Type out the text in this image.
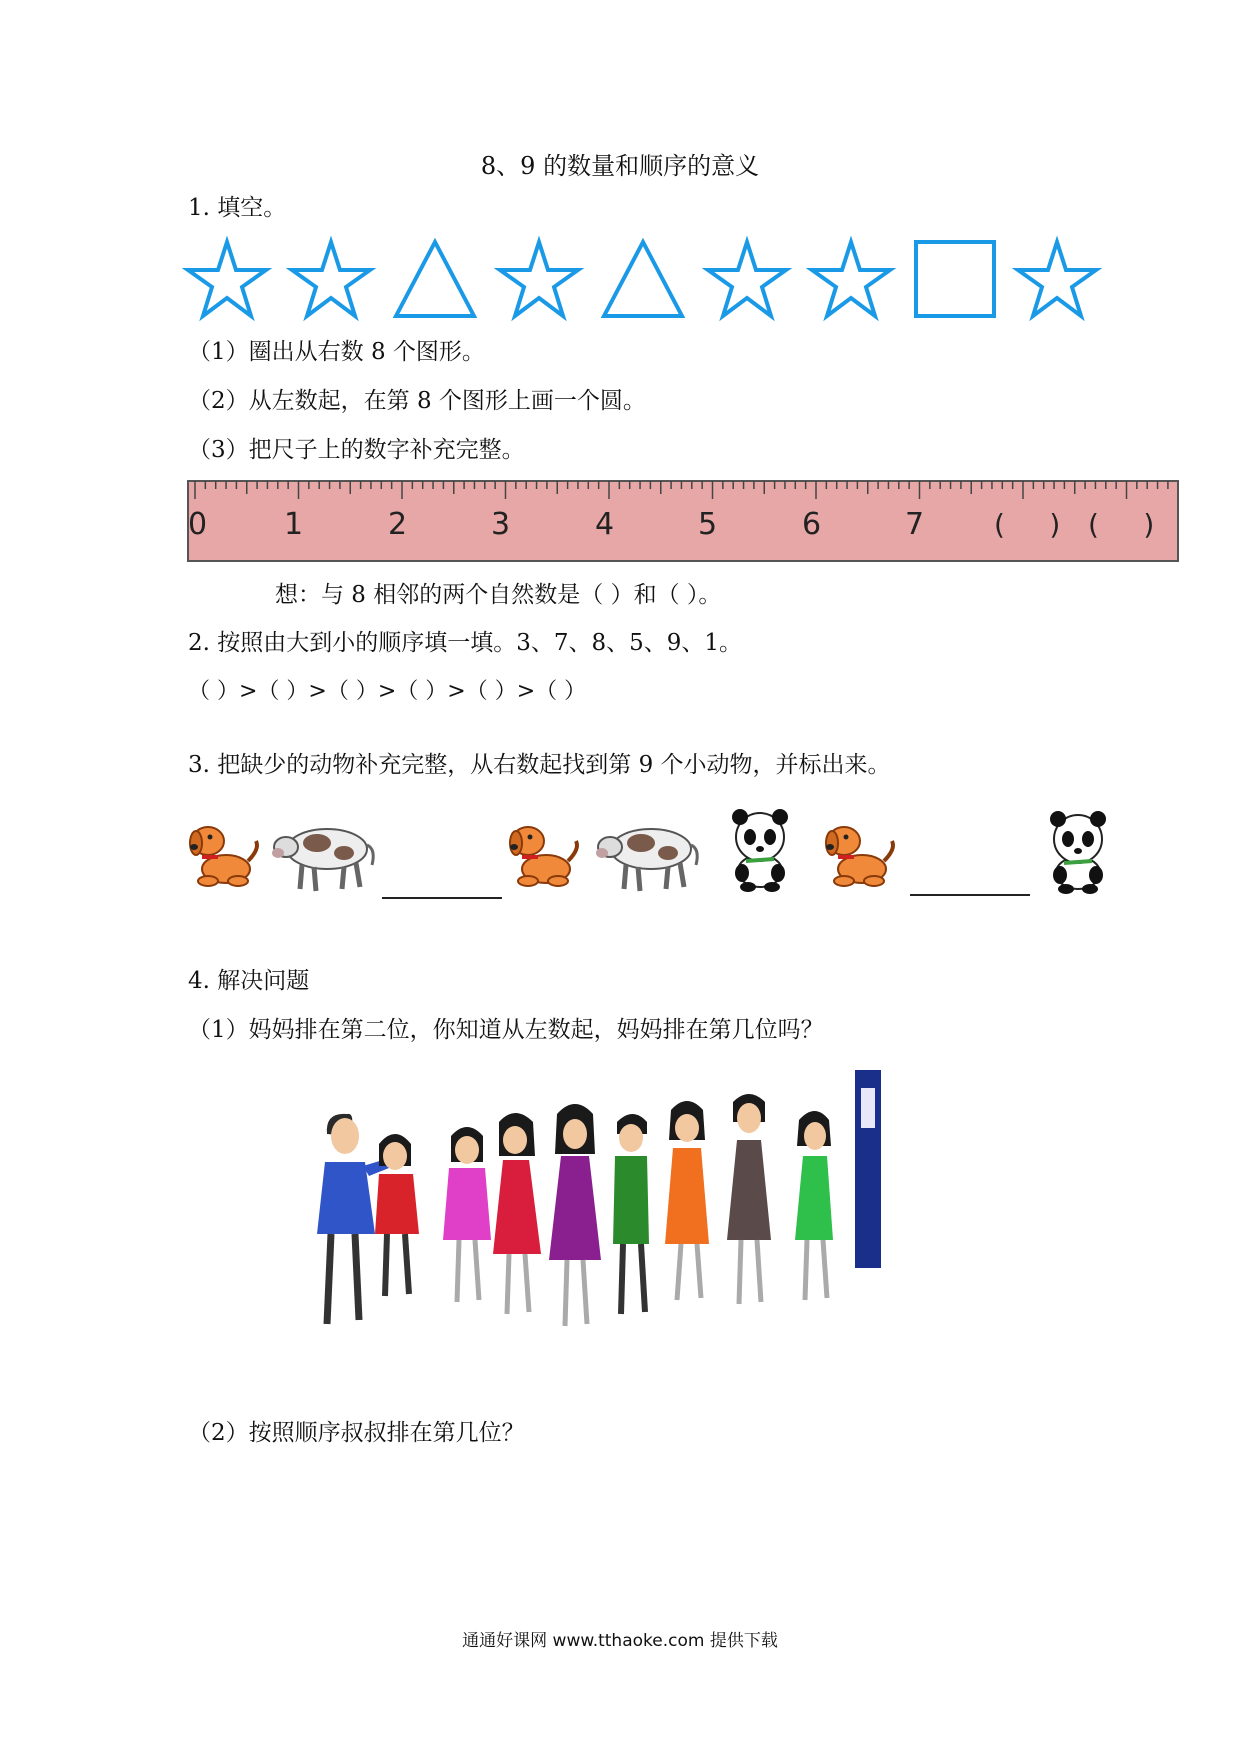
8、9 的数量和顺序的意义
1. 填空。
（1）圈出从右数 8 个图形。
（2）从左数起，在第 8 个图形上画一个圆。
（3）把尺子上的数字补充完整。
0	1	2	3	4	5	6	7 (     ) (     )
想：与 8 相邻的两个自然数是（ ）和（ ）。
2. 按照由大到小的顺序填一填。3、7、8、5、9、1。
（ ）>（ ）>（ ）>（ ）>（ ）>（ ）
3. 把缺少的动物补充完整，从右数起找到第 9 个小动物，并标出来。
4. 解决问题
（1）妈妈排在第二位，你知道从左数起，妈妈排在第几位吗？
（2）按照顺序叔叔排在第几位？
通通好课网 www.tthaoke.com 提供下载
